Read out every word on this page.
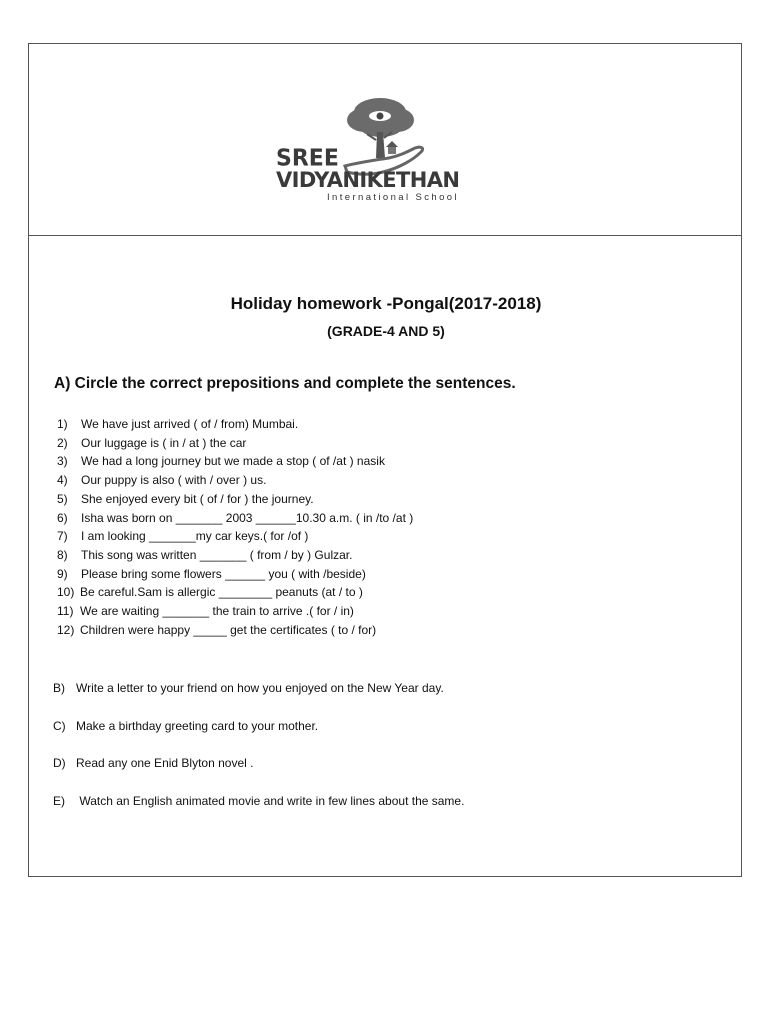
SREE
VIDYANIKETHAN
International School
Holiday homework -Pongal(2017-2018)
(GRADE-4 AND 5)
A) Circle the correct prepositions and complete the sentences.
1) We have just arrived ( of / from) Mumbai.
2) Our luggage is ( in / at ) the car
3) We had a long journey but we made a stop ( of /at ) nasik
4) Our puppy is also ( with / over ) us.
5) She enjoyed every bit ( of / for ) the journey.
6) Isha was born on _______ 2003 ______10.30 a.m. ( in /to /at )
7) I am looking _______my car keys.( for /of )
8) This song was written _______ ( from / by ) Gulzar.
9) Please bring some flowers ______ you ( with /beside)
10) Be careful.Sam is allergic ________ peanuts (at / to )
11) We are waiting _______ the train to arrive .( for / in)
12) Children were happy _____ get the certificates ( to / for)
B) Write a letter to your friend on how you enjoyed on the New Year day.
C) Make a birthday greeting card to your mother.
D) Read any one Enid Blyton novel .
E) Watch an English animated movie and write in few lines about the same.
